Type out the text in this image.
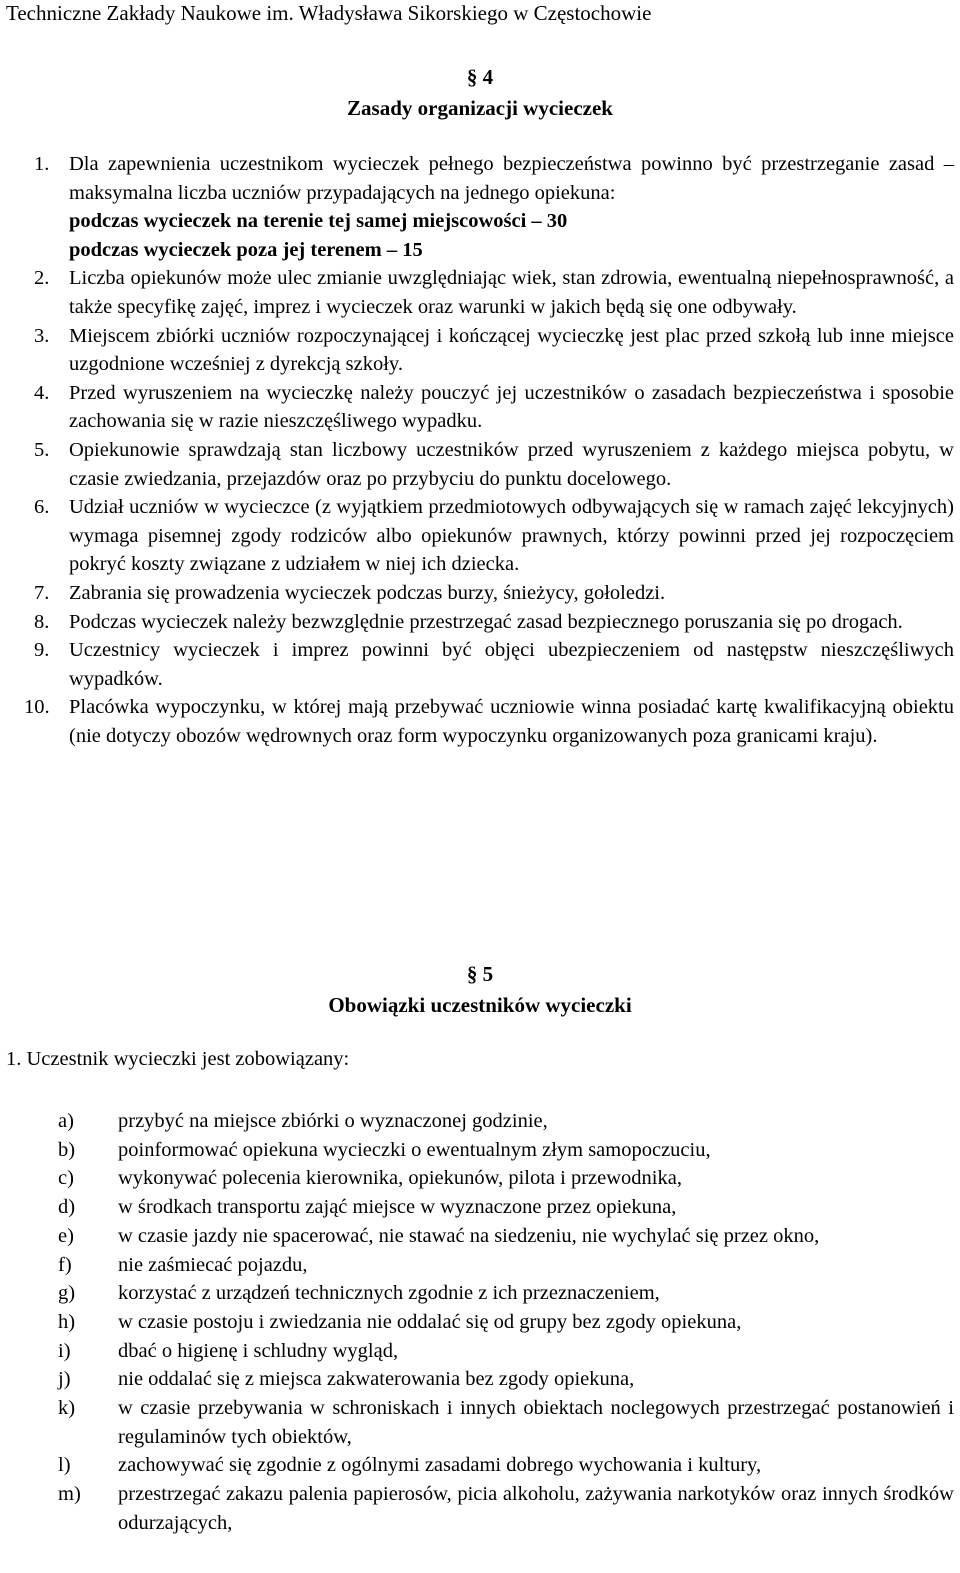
Techniczne Zakłady Naukowe im. Władysława Sikorskiego w Częstochowie
§ 4
Zasady organizacji wycieczek
1. Dla zapewnienia uczestnikom wycieczek pełnego bezpieczeństwa powinno być przestrzeganie zasad – maksymalna liczba uczniów przypadających na jednego opiekuna:
podczas wycieczek na terenie tej samej miejscowości – 30
podczas wycieczek poza jej terenem – 15
2. Liczba opiekunów może ulec zmianie uwzględniając wiek, stan zdrowia, ewentualną niepełnosprawność, a także specyfikę zajęć, imprez i wycieczek oraz warunki w jakich będą się one odbywały.
3. Miejscem zbiórki uczniów rozpoczynającej i kończącej wycieczkę jest plac przed szkołą lub inne miejsce uzgodnione wcześniej z dyrekcją szkoły.
4. Przed wyruszeniem na wycieczkę należy pouczyć jej uczestników o zasadach bezpieczeństwa i sposobie zachowania się w razie nieszczęśliwego wypadku.
5. Opiekunowie sprawdzają stan liczbowy uczestników przed wyruszeniem z każdego miejsca pobytu, w czasie zwiedzania, przejazdów oraz po przybyciu do punktu docelowego.
6. Udział uczniów w wycieczce (z wyjątkiem przedmiotowych odbywających się w ramach zajęć lekcyjnych) wymaga pisemnej zgody rodziców albo opiekunów prawnych, którzy powinni przed jej rozpoczęciem pokryć koszty związane z udziałem w niej ich dziecka.
7. Zabrania się prowadzenia wycieczek podczas burzy, śnieżycy, gołoledzi.
8. Podczas wycieczek należy bezwzględnie przestrzegać zasad bezpiecznego poruszania się po drogach.
9. Uczestnicy wycieczek i imprez powinni być objęci ubezpieczeniem od następstw nieszczęśliwych wypadków.
10. Placówka wypoczynku, w której mają przebywać uczniowie winna posiadać kartę kwalifikacyjną obiektu (nie dotyczy obozów wędrownych oraz form wypoczynku organizowanych poza granicami kraju).
§ 5
Obowiązki uczestników wycieczki
1. Uczestnik wycieczki jest zobowiązany:
a) przybyć na miejsce zbiórki o wyznaczonej godzinie,
b) poinformować opiekuna wycieczki o ewentualnym złym samopoczuciu,
c) wykonywać polecenia kierownika, opiekunów, pilota i przewodnika,
d) w środkach transportu zająć miejsce w wyznaczone przez opiekuna,
e) w czasie jazdy nie spacerować, nie stawać na siedzeniu, nie wychylać się przez okno,
f) nie zaśmiecać pojazdu,
g) korzystać z urządzeń technicznych zgodnie z ich przeznaczeniem,
h) w czasie postoju i zwiedzania nie oddalać się od grupy bez zgody opiekuna,
i) dbać o higienę i schludny wygląd,
j) nie oddalać się z miejsca zakwaterowania bez zgody opiekuna,
k) w czasie przebywania w schroniskach i innych obiektach noclegowych przestrzegać postanowień i regulaminów tych obiektów,
l) zachowywać się zgodnie z ogólnymi zasadami dobrego wychowania i kultury,
m) przestrzegać zakazu palenia papierosów, picia alkoholu, zażywania narkotyków oraz innych środków odurzających,
